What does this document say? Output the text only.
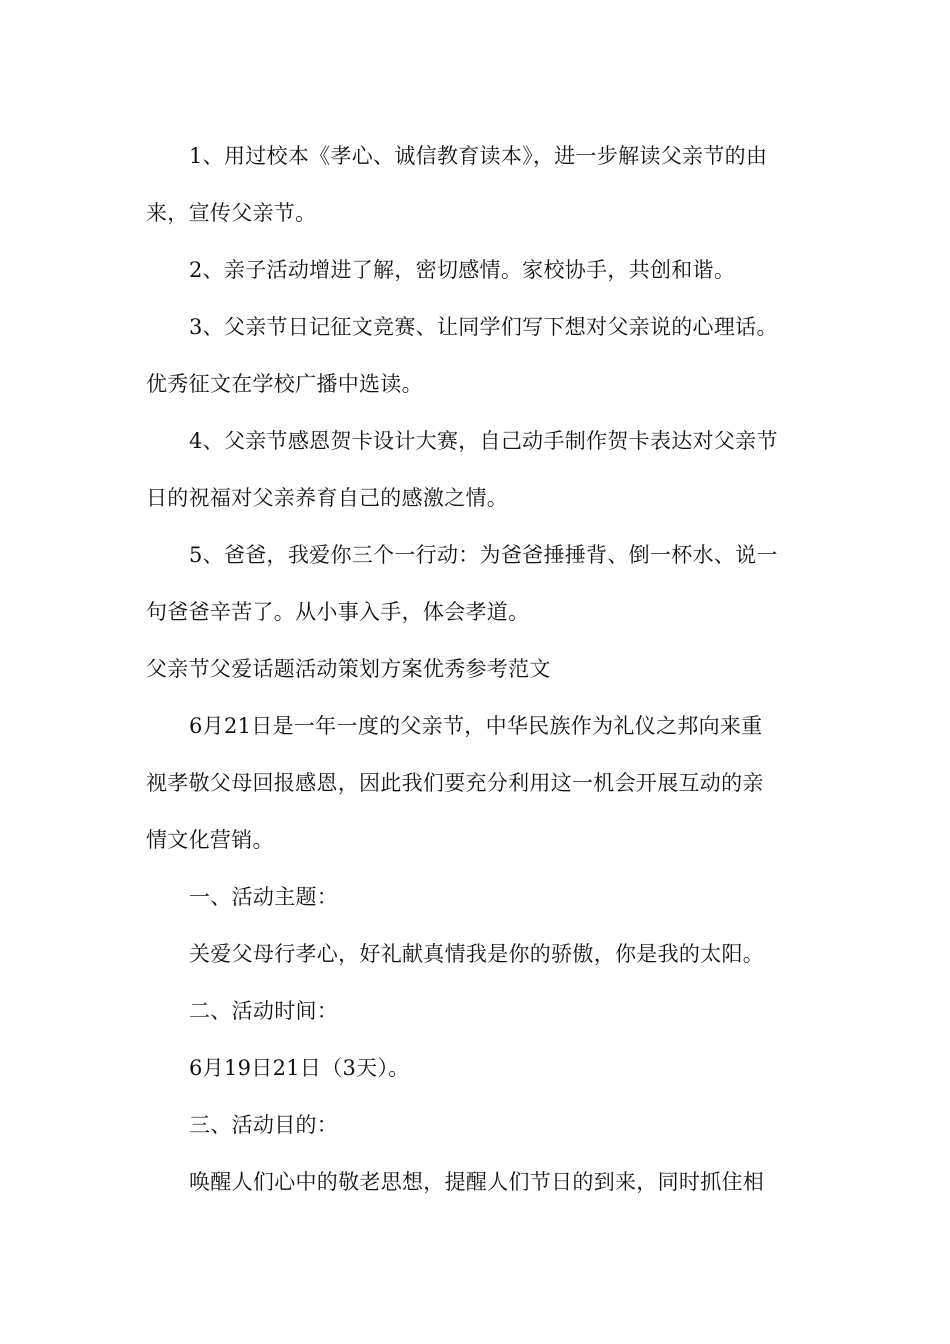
1、用过校本《孝心、诚信教育读本》，进一步解读父亲节的由
来，宣传父亲节。
2、亲子活动增进了解，密切感情。家校协手，共创和谐。
3、父亲节日记征文竞赛、让同学们写下想对父亲说的心理话。
优秀征文在学校广播中选读。
4、父亲节感恩贺卡设计大赛，自己动手制作贺卡表达对父亲节
日的祝福对父亲养育自己的感激之情。
5、爸爸，我爱你三个一行动：为爸爸捶捶背、倒一杯水、说一
句爸爸辛苦了。从小事入手，体会孝道。
父亲节父爱话题活动策划方案优秀参考范文
6月21日是一年一度的父亲节，中华民族作为礼仪之邦向来重
视孝敬父母回报感恩，因此我们要充分利用这一机会开展互动的亲
情文化营销。
一、活动主题：
关爱父母行孝心，好礼献真情我是你的骄傲，你是我的太阳。
二、活动时间：
6月19日21日（3天）。
三、活动目的：
唤醒人们心中的敬老思想，提醒人们节日的到来，同时抓住相
